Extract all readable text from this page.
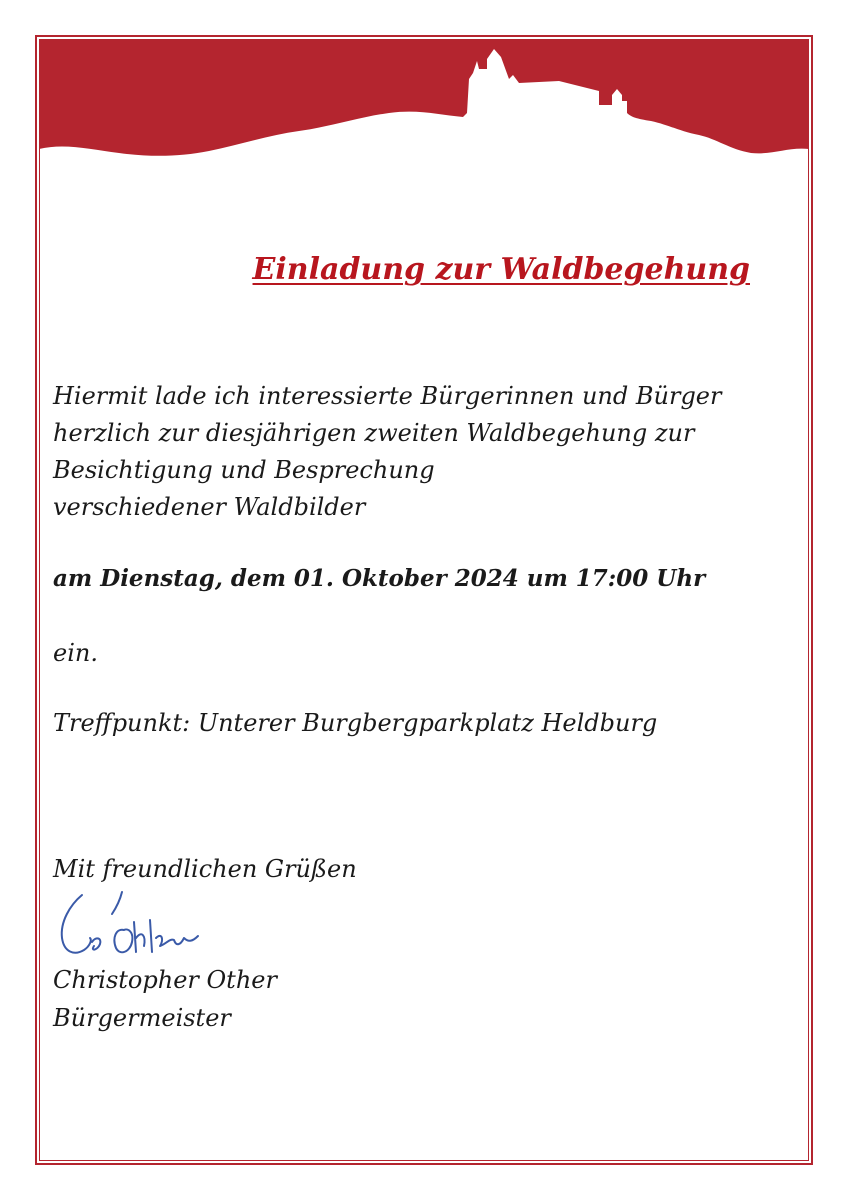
Einladung zur Waldbegehung

Hiermit lade ich interessierte Bürgerinnen und Bürger

herzlich zur diesjährigen zweiten Waldbegehung zur

Besichtigung und Besprechung

verschiedener Waldbilder

am Dienstag, dem 01. Oktober 2024 um 17:00 Uhr

ein.

Treffpunkt: Unterer Burgbergparkplatz Heldburg

Mit freundlichen Grüßen

Christopher Other

Bürgermeister
